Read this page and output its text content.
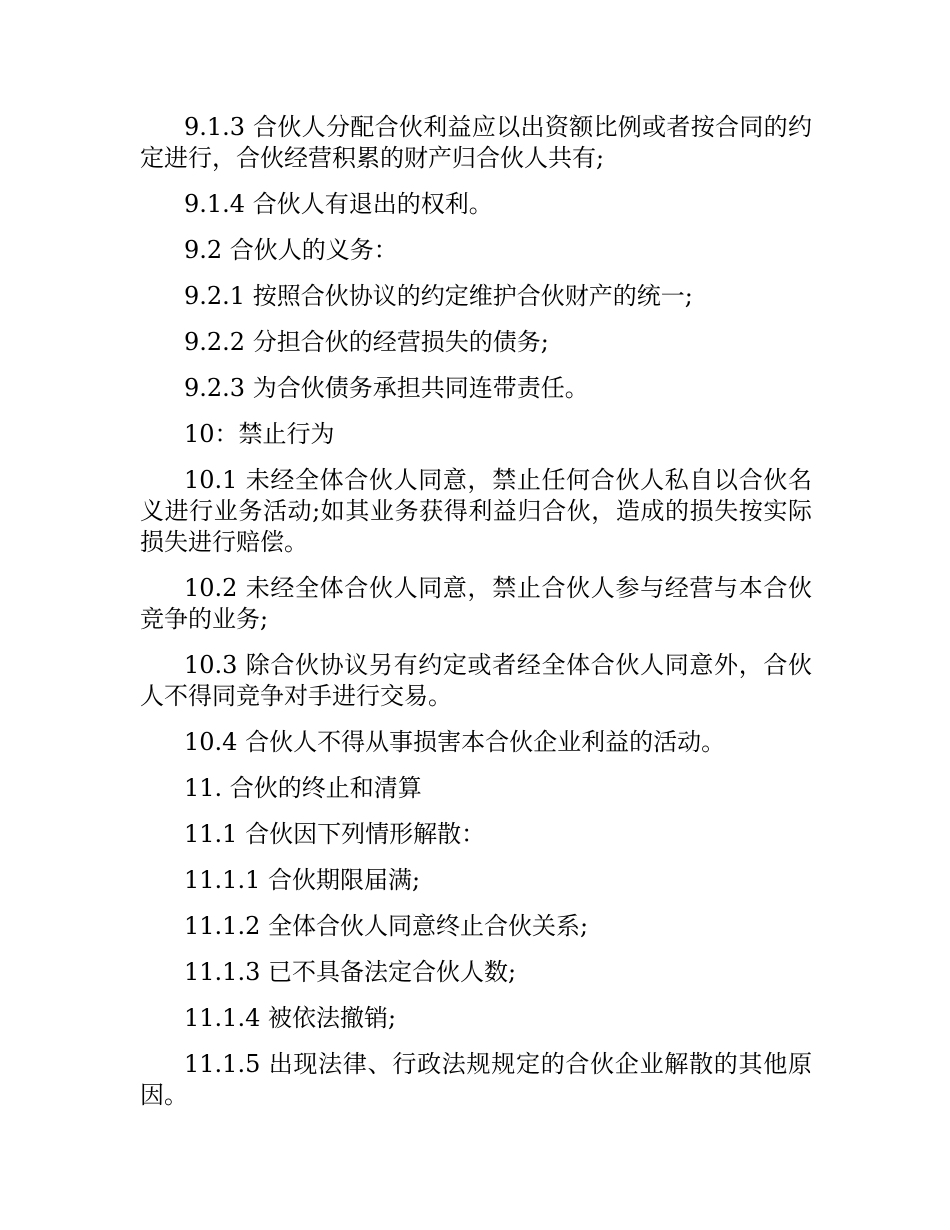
9.1.3 合伙人分配合伙利益应以出资额比例或者按合同的约定进行，合伙经营积累的财产归合伙人共有;

9.1.4 合伙人有退出的权利。

9.2 合伙人的义务：

9.2.1 按照合伙协议的约定维护合伙财产的统一;

9.2.2 分担合伙的经营损失的债务;

9.2.3 为合伙债务承担共同连带责任。

10：禁止行为

10.1 未经全体合伙人同意，禁止任何合伙人私自以合伙名义进行业务活动;如其业务获得利益归合伙，造成的损失按实际损失进行赔偿。

10.2 未经全体合伙人同意，禁止合伙人参与经营与本合伙竞争的业务;

10.3 除合伙协议另有约定或者经全体合伙人同意外，合伙人不得同竞争对手进行交易。

10.4 合伙人不得从事损害本合伙企业利益的活动。

11. 合伙的终止和清算

11.1 合伙因下列情形解散：

11.1.1 合伙期限届满;

11.1.2 全体合伙人同意终止合伙关系;

11.1.3 已不具备法定合伙人数;

11.1.4 被依法撤销;

11.1.5 出现法律、行政法规规定的合伙企业解散的其他原因。
